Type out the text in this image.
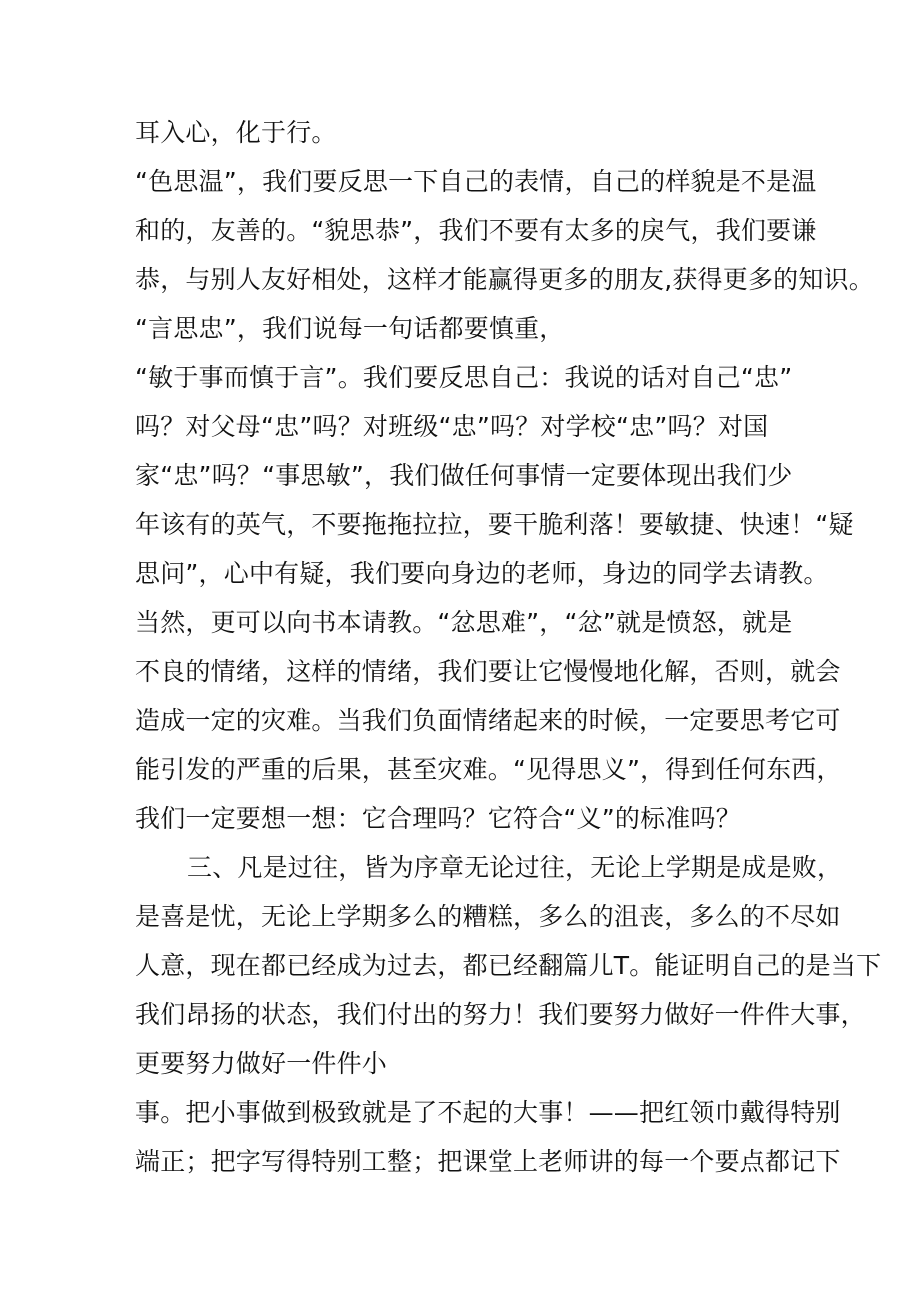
耳入心，化于行。
“色思温”，我们要反思一下自己的表情，自己的样貌是不是温
和的，友善的。“貌思恭”，我们不要有太多的戾气，我们要谦
恭，与别人友好相处，这样才能赢得更多的朋友,获得更多的知识。
“言思忠”，我们说每一句话都要慎重，
“敏于事而慎于言”。我们要反思自己：我说的话对自己“忠”
吗？对父母“忠”吗？对班级“忠”吗？对学校“忠”吗？对国
家“忠”吗？“事思敏”，我们做任何事情一定要体现出我们少
年该有的英气，不要拖拖拉拉，要干脆利落！要敏捷、快速！“疑
思问”，心中有疑，我们要向身边的老师，身边的同学去请教。
当然，更可以向书本请教。“忿思难”，“忿”就是愤怒，就是
不良的情绪，这样的情绪，我们要让它慢慢地化解，否则，就会
造成一定的灾难。当我们负面情绪起来的时候，一定要思考它可
能引发的严重的后果，甚至灾难。“见得思义”，得到任何东西，
我们一定要想一想：它合理吗？它符合“义”的标准吗？
三、凡是过往，皆为序章无论过往，无论上学期是成是败，
是喜是忧，无论上学期多么的糟糕，多么的沮丧，多么的不尽如
人意，现在都已经成为过去，都已经翻篇儿T。能证明自己的是当下
我们昂扬的状态，我们付出的努力！我们要努力做好一件件大事，
更要努力做好一件件小
事。把小事做到极致就是了不起的大事！——把红领巾戴得特别
端正；把字写得特别工整；把课堂上老师讲的每一个要点都记下
